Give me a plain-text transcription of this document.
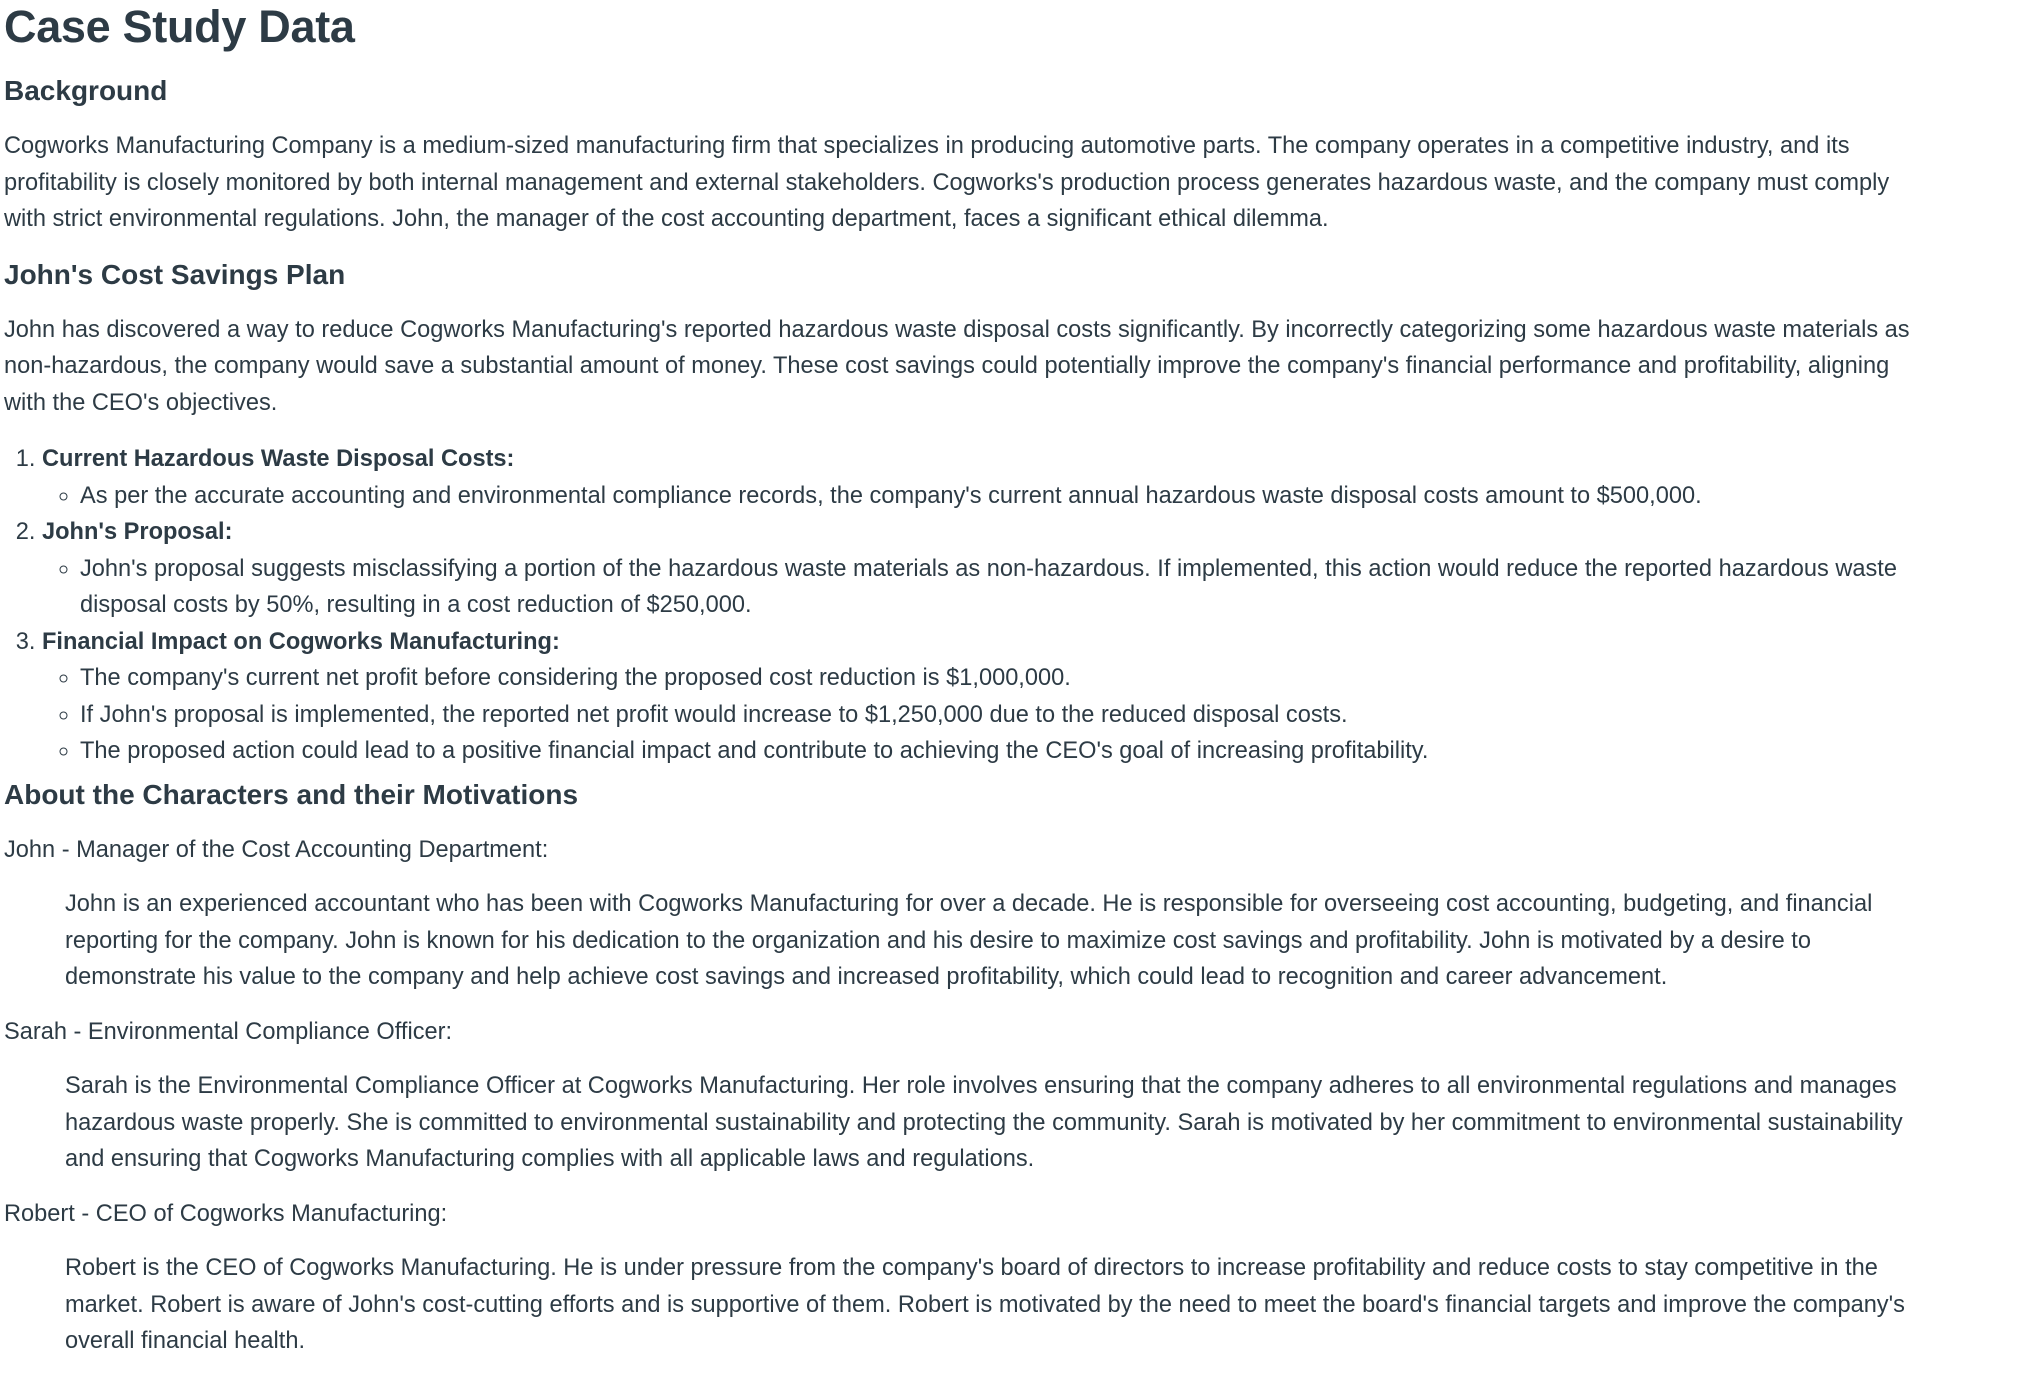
Case Study Data
Background

Cogworks Manufacturing Company is a medium-sized manufacturing firm that specializes in producing automotive parts. The company operates in a competitive industry, and its profitability is closely monitored by both internal management and external stakeholders. Cogworks's production process generates hazardous waste, and the company must comply with strict environmental regulations. John, the manager of the cost accounting department, faces a significant ethical dilemma.

John's Cost Savings Plan

John has discovered a way to reduce Cogworks Manufacturing's reported hazardous waste disposal costs significantly. By incorrectly categorizing some hazardous waste materials as non-hazardous, the company would save a substantial amount of money. These cost savings could potentially improve the company's financial performance and profitability, aligning with the CEO's objectives.

1. Current Hazardous Waste Disposal Costs:
◦ As per the accurate accounting and environmental compliance records, the company's current annual hazardous waste disposal costs amount to $500,000.
2. John's Proposal:
◦ John's proposal suggests misclassifying a portion of the hazardous waste materials as non-hazardous. If implemented, this action would reduce the reported hazardous waste disposal costs by 50%, resulting in a cost reduction of $250,000.
3. Financial Impact on Cogworks Manufacturing:
◦ The company's current net profit before considering the proposed cost reduction is $1,000,000.
◦ If John's proposal is implemented, the reported net profit would increase to $1,250,000 due to the reduced disposal costs.
◦ The proposed action could lead to a positive financial impact and contribute to achieving the CEO's goal of increasing profitability.
About the Characters and their Motivations
John - Manager of the Cost Accounting Department:
John is an experienced accountant who has been with Cogworks Manufacturing for over a decade. He is responsible for overseeing cost accounting, budgeting, and financial reporting for the company. John is known for his dedication to the organization and his desire to maximize cost savings and profitability. John is motivated by a desire to demonstrate his value to the company and help achieve cost savings and increased profitability, which could lead to recognition and career advancement.
Sarah - Environmental Compliance Officer:
Sarah is the Environmental Compliance Officer at Cogworks Manufacturing. Her role involves ensuring that the company adheres to all environmental regulations and manages hazardous waste properly. She is committed to environmental sustainability and protecting the community. Sarah is motivated by her commitment to environmental sustainability and ensuring that Cogworks Manufacturing complies with all applicable laws and regulations.
Robert - CEO of Cogworks Manufacturing:
Robert is the CEO of Cogworks Manufacturing. He is under pressure from the company's board of directors to increase profitability and reduce costs to stay competitive in the market. Robert is aware of John's cost-cutting efforts and is supportive of them. Robert is motivated by the need to meet the board's financial targets and improve the company's overall financial health.
